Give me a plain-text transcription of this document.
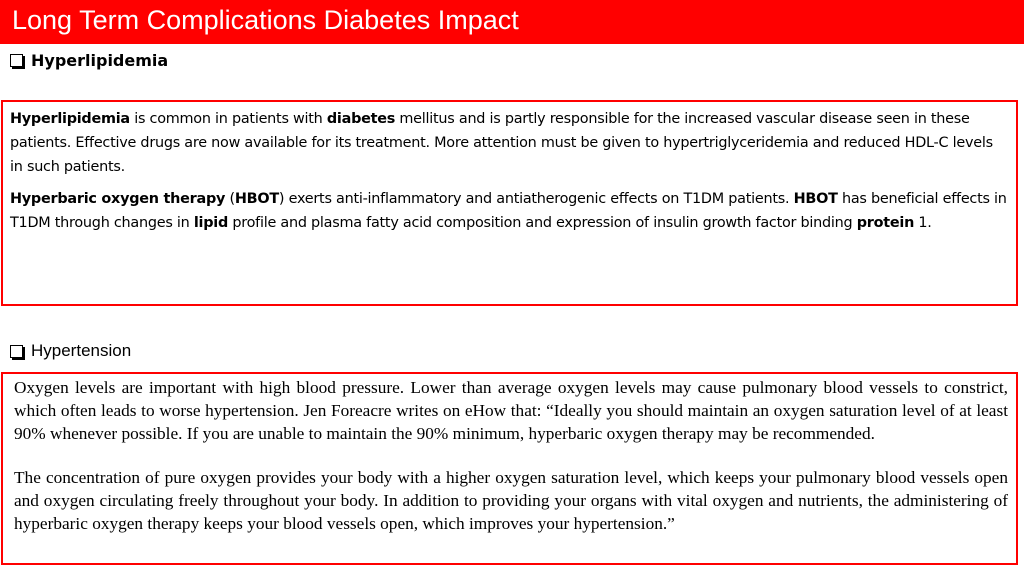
Long Term Complications Diabetes Impact
Hyperlipidemia

Hyperlipidemia is common in patients with diabetes mellitus and is partly responsible for the increased vascular disease seen in these patients. Effective drugs are now available for its treatment. More attention must be given to hypertriglyceridemia and reduced HDL-C levels in such patients.

Hyperbaric oxygen therapy (HBOT) exerts anti-inflammatory and antiatherogenic effects on T1DM patients. HBOT has beneficial effects in T1DM through changes in lipid profile and plasma fatty acid composition and expression of insulin growth factor binding protein 1.

Hypertension

Oxygen levels are important with high blood pressure. Lower than average oxygen levels may cause pulmonary blood vessels to constrict, which often leads to worse hypertension. Jen Foreacre writes on eHow that: “Ideally you should maintain an oxygen saturation level of at least 90% whenever possible. If you are unable to maintain the 90% minimum, hyperbaric oxygen therapy may be recommended.

The concentration of pure oxygen provides your body with a higher oxygen saturation level, which keeps your pulmonary blood vessels open and oxygen circulating freely throughout your body. In addition to providing your organs with vital oxygen and nutrients, the administering of hyperbaric oxygen therapy keeps your blood vessels open, which improves your hypertension.”
